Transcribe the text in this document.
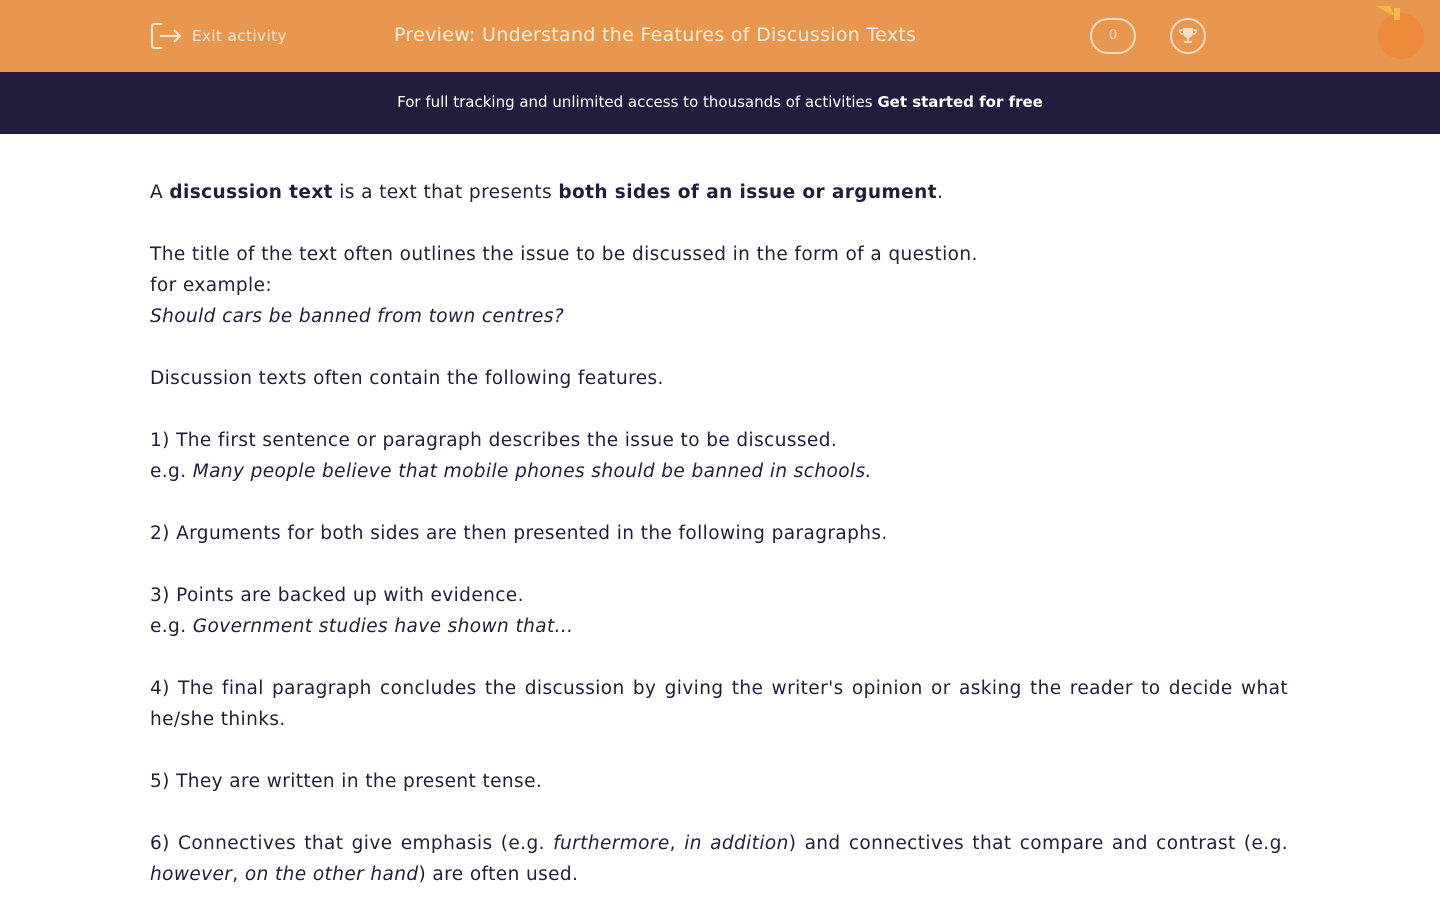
Exit activity	Preview: Understand the Features of Discussion Texts	0
For full tracking and unlimited access to thousands of activities Get started for free

A discussion text is a text that presents both sides of an issue or argument.

The title of the text often outlines the issue to be discussed in the form of a question.
for example:
Should cars be banned from town centres?

Discussion texts often contain the following features.

1) The first sentence or paragraph describes the issue to be discussed.
e.g. Many people believe that mobile phones should be banned in schools.

2) Arguments for both sides are then presented in the following paragraphs.

3) Points are backed up with evidence.
e.g. Government studies have shown that...

4) The final paragraph concludes the discussion by giving the writer's opinion or asking the reader to decide what he/she thinks.

5) They are written in the present tense.

6) Connectives that give emphasis (e.g. furthermore, in addition) and connectives that compare and contrast (e.g. however, on the other hand) are often used.
